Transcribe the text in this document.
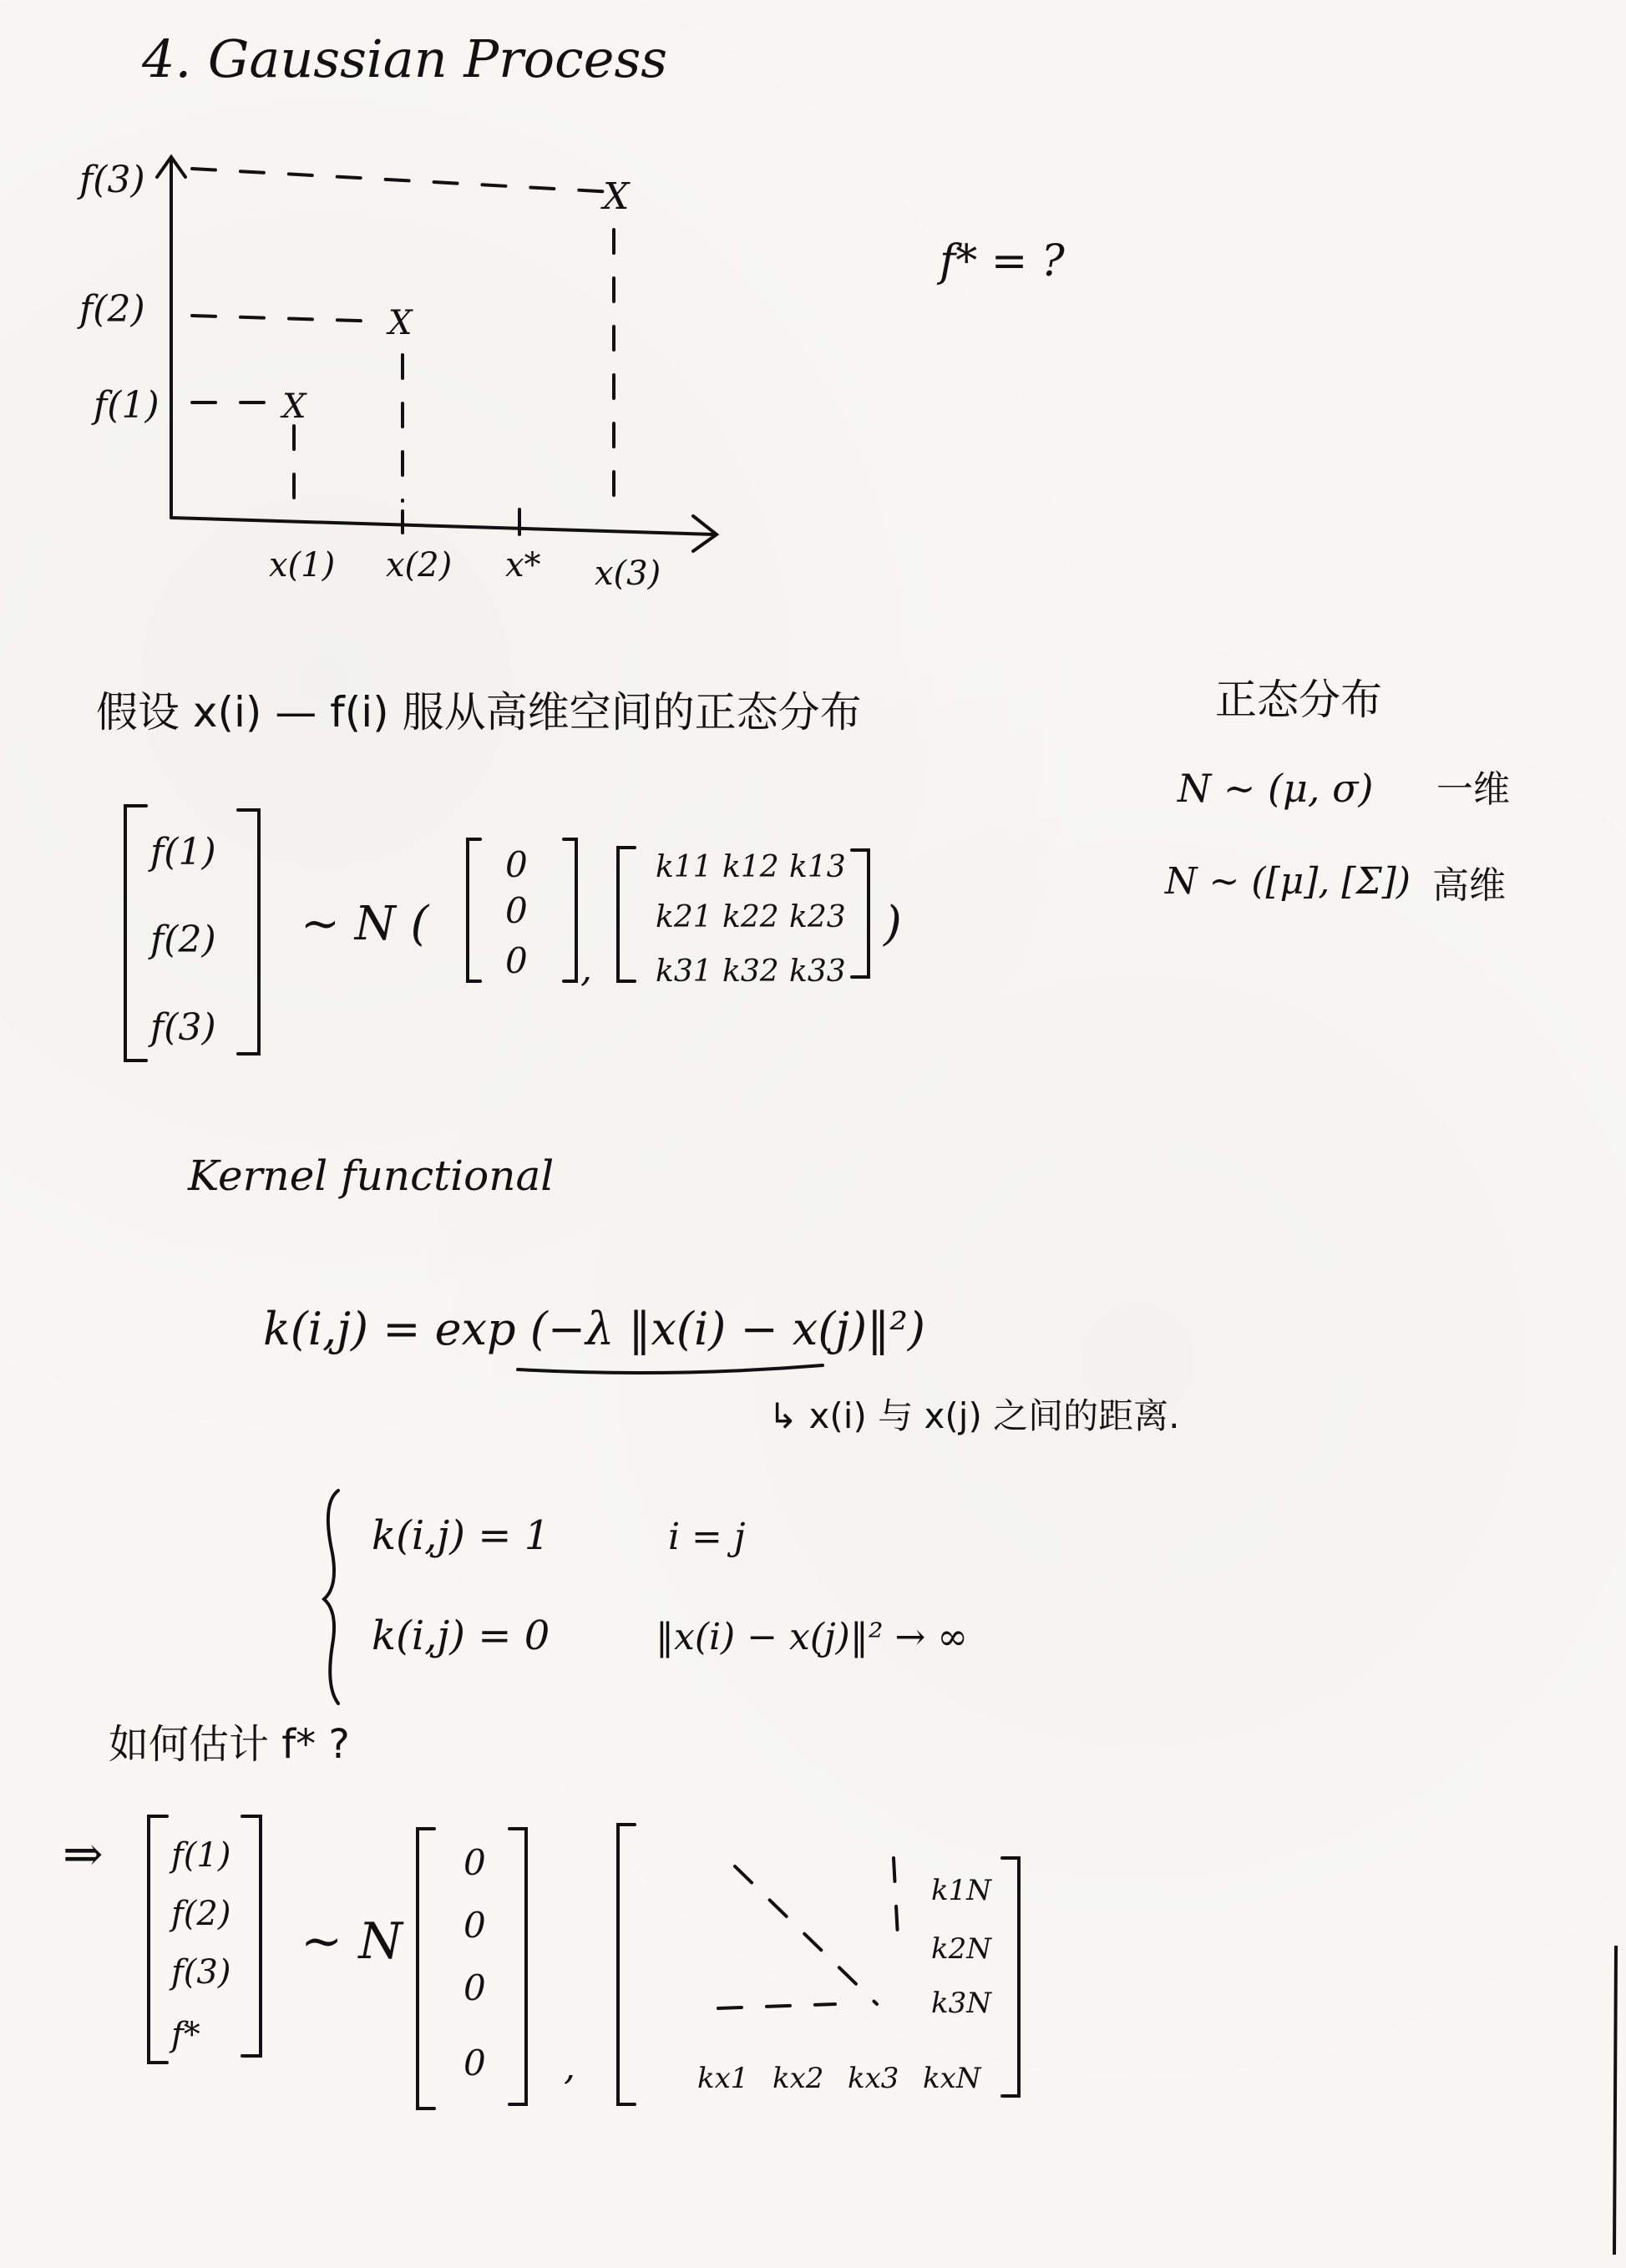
4. Gaussian Process
X
X
X
f(3)
f(2)
f(1)
x(1) x(2) x* x(3)
f* = ?
假设 x(i) — f(i) 服从高维空间的正态分布	正态分布
N ~ (μ, σ) 一维
N ~ ([μ], [Σ]) 高维
f(1)
f(2)
f(3)
~ N (
0
0
0 ,
k11 k12 k13
k21 k22 k23
k31 k32 k33
)
Kernel functional
k(i,j) = exp (−λ ‖x(i) − x(j)‖²)
↳ x(i) 与 x(j) 之间的距离.
k(i,j) = 1	i = j
k(i,j) = 0	‖x(i) − x(j)‖² → ∞
如何估计 f* ?
⇒ f(1)
f(2)
f(3)
f*
~ N
0
0
0
0 ,
k1N
k2N
k3N
kx1 kx2 kx3 kxN
